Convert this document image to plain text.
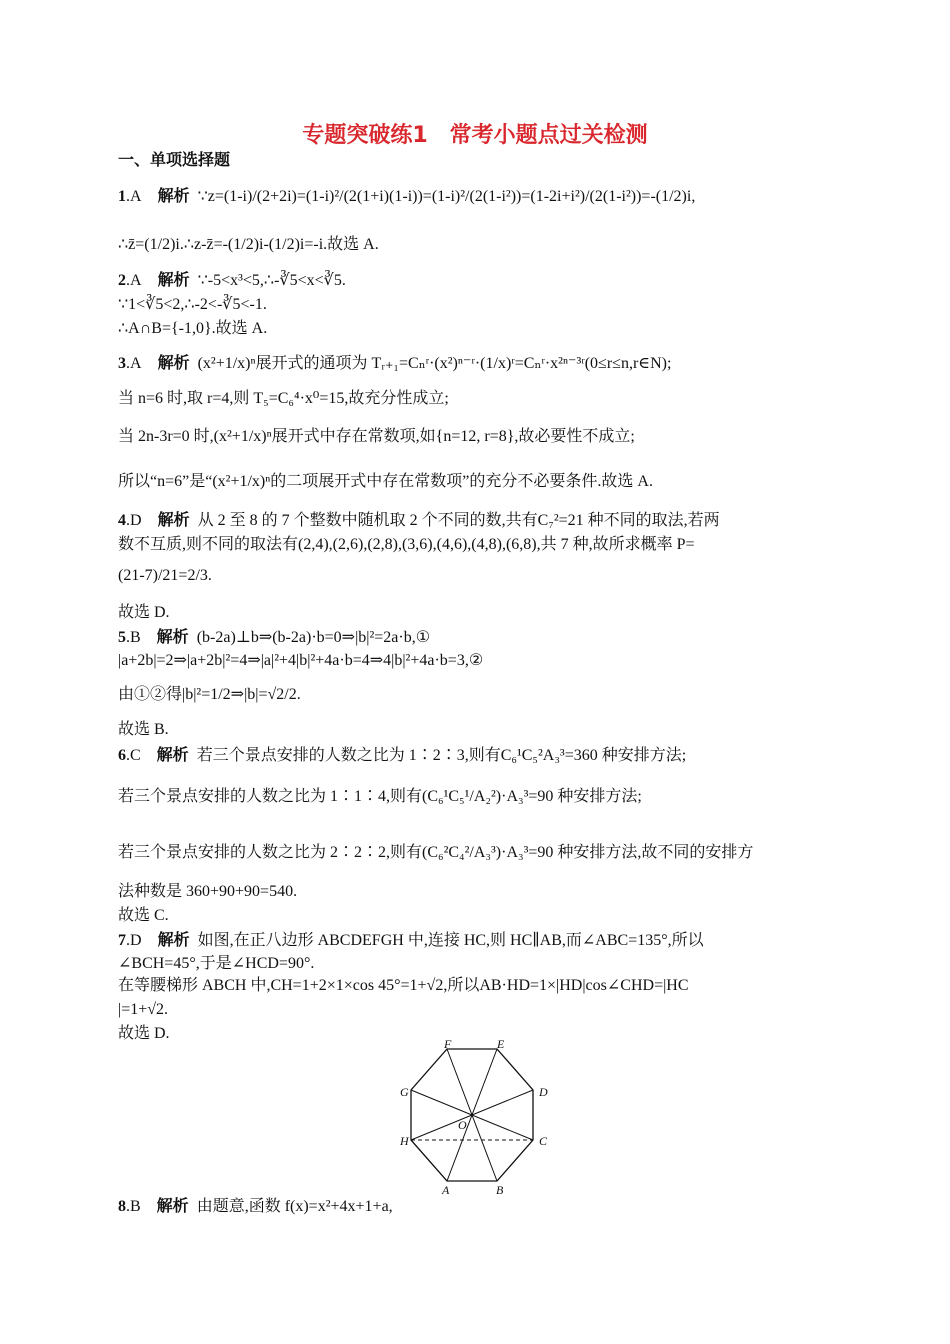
专题突破练1　常考小题点过关检测
一、单项选择题
1.A 解析 ∵z=(1-i)/(2+2i)=(1-i)²/(2(1+i)(1-i))=(1-i)²/(2(1-i²))=(1-2i+i²)/(2(1-i²))=-(1/2)i,
∴z̄=(1/2)i.∴z-z̄=-(1/2)i-(1/2)i=-i.故选 A.
2.A 解析 ∵-5<x³<5,∴-∛5<x<∛5.
∵1<∛5<2,∴-2<-∛5<-1.
∴A∩B={-1,0}.故选 A.
3.A 解析 (x²+1/x)ⁿ展开式的通项为 Tᵣ₊₁=Cₙʳ·(x²)ⁿ⁻ʳ·(1/x)ʳ=Cₙʳ·x²ⁿ⁻³ʳ(0≤r≤n,r∈N);
当 n=6 时,取 r=4,则 T₅=C₆⁴·x⁰=15,故充分性成立;
当 2n-3r=0 时,(x²+1/x)ⁿ展开式中存在常数项,如{n=12, r=8},故必要性不成立;
所以“n=6”是“(x²+1/x)ⁿ的二项展开式中存在常数项”的充分不必要条件.故选 A.
4.D 解析 从 2 至 8 的 7 个整数中随机取 2 个不同的数,共有C₇²=21 种不同的取法,若两
数不互质,则不同的取法有(2,4),(2,6),(2,8),(3,6),(4,6),(4,8),(6,8),共 7 种,故所求概率 P=
(21-7)/21=2/3.
故选 D.
5.B 解析 (b-2a)⊥b⇒(b-2a)·b=0⇒|b|²=2a·b,①
|a+2b|=2⇒|a+2b|²=4⇒|a|²+4|b|²+4a·b=4⇒4|b|²+4a·b=3,②
由①②得|b|²=1/2⇒|b|=√2/2.
故选 B.
6.C 解析 若三个景点安排的人数之比为 1∶2∶3,则有C₆¹C₅²A₃³=360 种安排方法;
若三个景点安排的人数之比为 1∶1∶4,则有(C₆¹C₅¹/A₂²)·A₃³=90 种安排方法;
若三个景点安排的人数之比为 2∶2∶2,则有(C₆²C₄²/A₃³)·A₃³=90 种安排方法,故不同的安排方
法种数是 360+90+90=540.
故选 C.
7.D 解析 如图,在正八边形 ABCDEFGH 中,连接 HC,则 HC∥AB,而∠ABC=135°,所以
∠BCH=45°,于是∠HCD=90°.
在等腰梯形 ABCH 中,CH=1+2×1×cos 45°=1+√2,所以AB·HD=1×|HD|cos∠CHD=|HC
|=1+√2.
故选 D.
A	B
C
D
E
F
G
H
O
8.B 解析 由题意,函数 f(x)=x²+4x+1+a,
